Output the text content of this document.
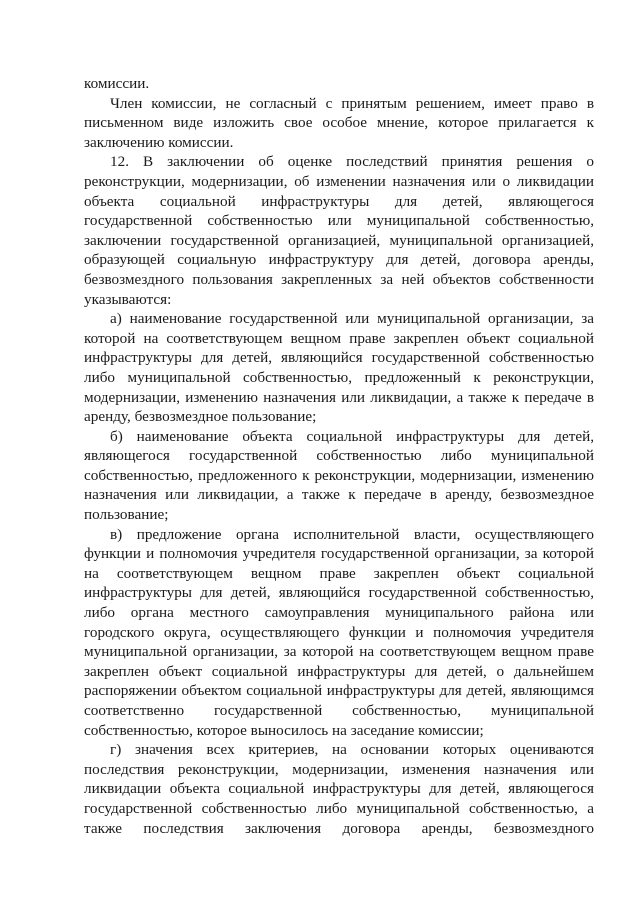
комиссии.

Член комиссии, не согласный с принятым решением, имеет право в письменном виде изложить свое особое мнение, которое прилагается к заключению комиссии.

12. В заключении об оценке последствий принятия решения о реконструкции, модернизации, об изменении назначения или о ликвидации объекта социальной инфраструктуры для детей, являющегося государственной собственностью или муниципальной собственностью, заключении государственной организацией, муниципальной организацией, образующей социальную инфраструктуру для детей, договора аренды, безвозмездного пользования закрепленных за ней объектов собственности указываются:

а) наименование государственной или муниципальной организации, за которой на соответствующем вещном праве закреплен объект социальной инфраструктуры для детей, являющийся государственной собственностью либо муниципальной собственностью, предложенный к реконструкции, модернизации, изменению назначения или ликвидации, а также к передаче в аренду, безвозмездное пользование;

б) наименование объекта социальной инфраструктуры для детей, являющегося государственной собственностью либо муниципальной собственностью, предложенного к реконструкции, модернизации, изменению назначения или ликвидации, а также к передаче в аренду, безвозмездное пользование;

в) предложение органа исполнительной власти, осуществляющего функции и полномочия учредителя государственной организации, за которой на соответствующем вещном праве закреплен объект социальной инфраструктуры для детей, являющийся государственной собственностью, либо органа местного самоуправления муниципального района или городского округа, осуществляющего функции и полномочия учредителя муниципальной организации, за которой на соответствующем вещном праве закреплен объект социальной инфраструктуры для детей, о дальнейшем распоряжении объектом социальной инфраструктуры для детей, являющимся соответственно государственной собственностью, муниципальной собственностью, которое выносилось на заседание комиссии;

г) значения всех критериев, на основании которых оцениваются последствия реконструкции, модернизации, изменения назначения или ликвидации объекта социальной инфраструктуры для детей, являющегося государственной собственностью либо муниципальной собственностью, а также последствия заключения договора аренды, безвозмездного
